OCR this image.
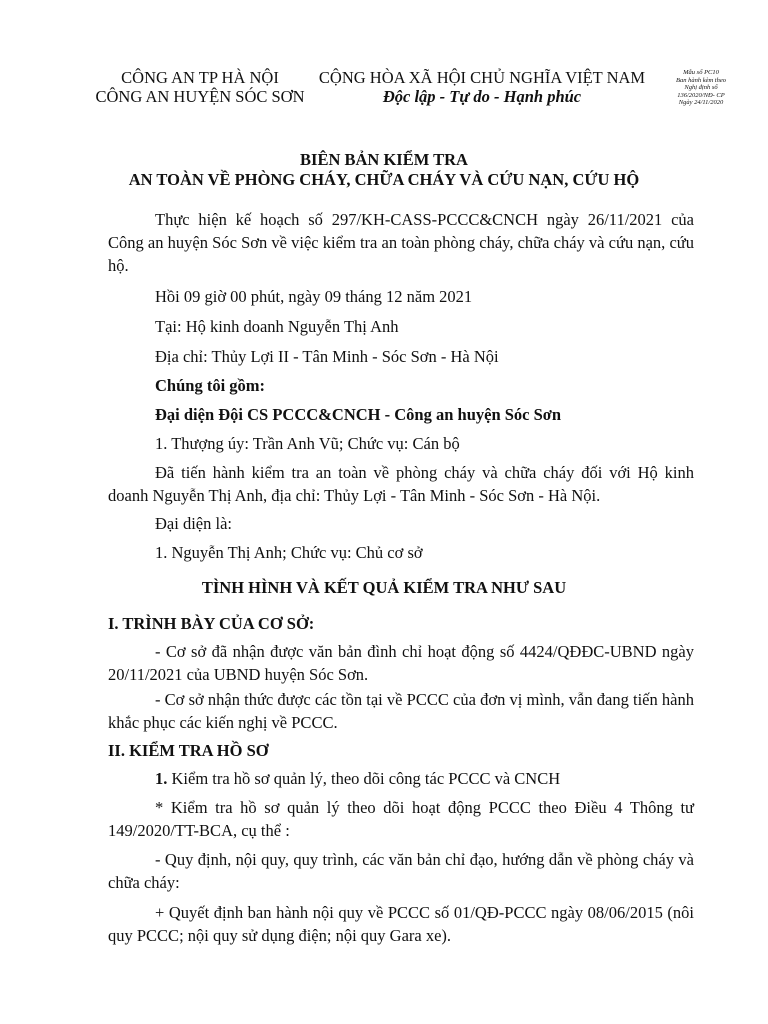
CÔNG AN TP HÀ NỘI
CÔNG AN HUYỆN SÓC SƠN
CỘNG HÒA XÃ HỘI CHỦ NGHĨA VIỆT NAM
Độc lập - Tự do - Hạnh phúc
Mẫu số PC10
Ban hành kèm theo
Nghị định số
136/2020/NĐ- CP
Ngày 24/11/2020
BIÊN BẢN KIỂM TRA
AN TOÀN VỀ PHÒNG CHÁY, CHỮA CHÁY VÀ CỨU NẠN, CỨU HỘ

Thực hiện kế hoạch số 297/KH-CASS-PCCC&CNCH ngày 26/11/2021 của Công an huyện Sóc Sơn về việc kiểm tra an toàn phòng cháy, chữa cháy và cứu nạn, cứu hộ.

Hồi 09 giờ 00 phút, ngày 09 tháng 12 năm 2021

Tại: Hộ kinh doanh Nguyễn Thị Anh

Địa chỉ: Thủy Lợi II - Tân Minh - Sóc Sơn - Hà Nội

Chúng tôi gồm:

Đại diện Đội CS PCCC&CNCH - Công an huyện Sóc Sơn

1. Thượng úy: Trần Anh Vũ; Chức vụ: Cán bộ

Đã tiến hành kiểm tra an toàn về phòng cháy và chữa cháy đối với Hộ kinh doanh Nguyễn Thị Anh, địa chỉ: Thủy Lợi - Tân Minh - Sóc Sơn - Hà Nội.

Đại diện là:

1. Nguyễn Thị Anh; Chức vụ: Chủ cơ sở

TÌNH HÌNH VÀ KẾT QUẢ KIỂM TRA NHƯ SAU
I. TRÌNH BÀY CỦA CƠ SỞ:

- Cơ sở đã nhận được văn bản đình chỉ hoạt động số 4424/QĐĐC-UBND ngày 20/11/2021 của UBND huyện Sóc Sơn.

- Cơ sở nhận thức được các tồn tại về PCCC của đơn vị mình, vẫn đang tiến hành khắc phục các kiến nghị về PCCC.

II. KIỂM TRA HỒ SƠ

1. Kiểm tra hồ sơ quản lý, theo dõi công tác PCCC và CNCH

* Kiểm tra hồ sơ quản lý theo dõi hoạt động PCCC theo Điều 4 Thông tư 149/2020/TT-BCA, cụ thể :

- Quy định, nội quy, quy trình, các văn bản chỉ đạo, hướng dẫn về phòng cháy và chữa cháy:

+ Quyết định ban hành nội quy về PCCC số 01/QĐ-PCCC ngày 08/06/2015 (nôi quy PCCC; nội quy sử dụng điện; nội quy Gara xe).
